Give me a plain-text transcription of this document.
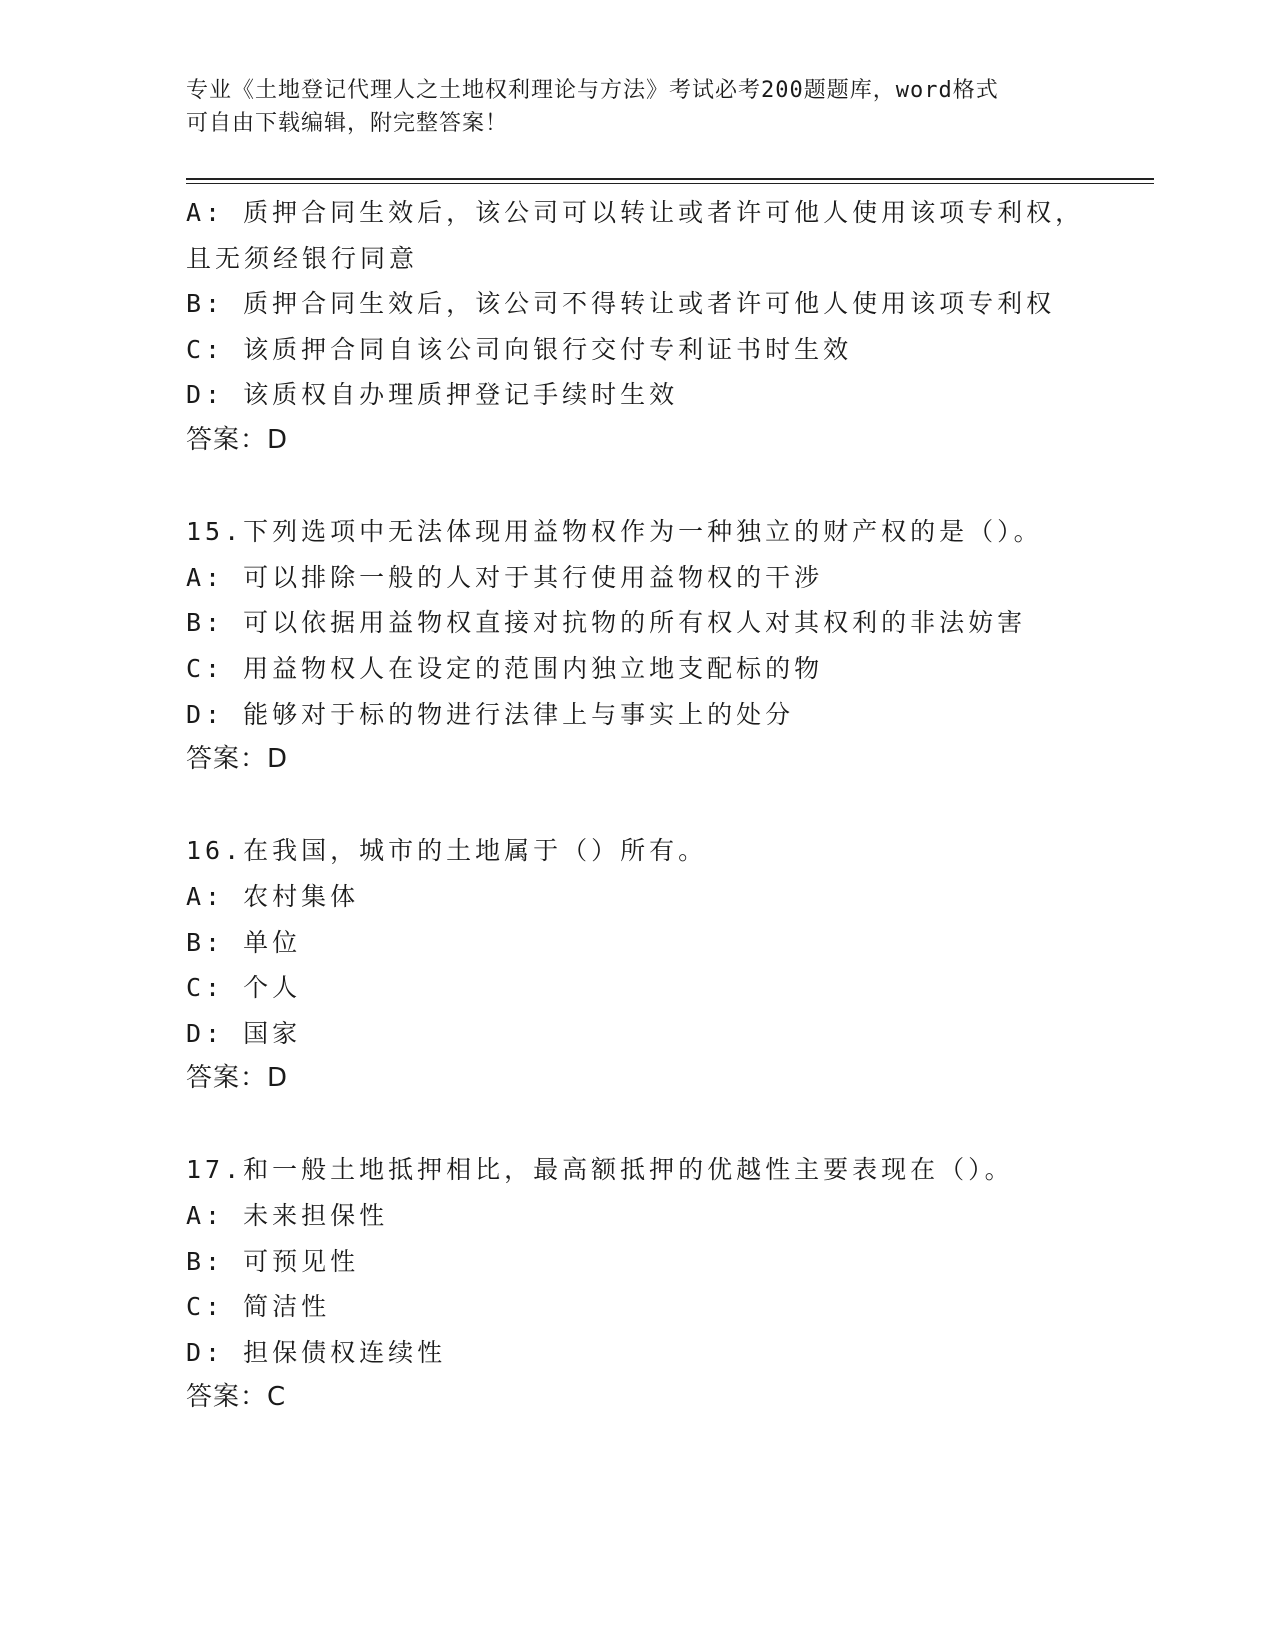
专业《土地登记代理人之土地权利理论与方法》考试必考200题题库，word格式
可自由下载编辑，附完整答案！
A: 质押合同生效后，该公司可以转让或者许可他人使用该项专利权，
且无须经银行同意
B: 质押合同生效后，该公司不得转让或者许可他人使用该项专利权
C: 该质押合同自该公司向银行交付专利证书时生效
D: 该质权自办理质押登记手续时生效
答案：D
15.下列选项中无法体现用益物权作为一种独立的财产权的是（）。
A: 可以排除一般的人对于其行使用益物权的干涉
B: 可以依据用益物权直接对抗物的所有权人对其权利的非法妨害
C: 用益物权人在设定的范围内独立地支配标的物
D: 能够对于标的物进行法律上与事实上的处分
答案：D
16.在我国，城市的土地属于（）所有。
A: 农村集体
B: 单位
C: 个人
D: 国家
答案：D
17.和一般土地抵押相比，最高额抵押的优越性主要表现在（）。
A: 未来担保性
B: 可预见性
C: 简洁性
D: 担保债权连续性
答案：C
